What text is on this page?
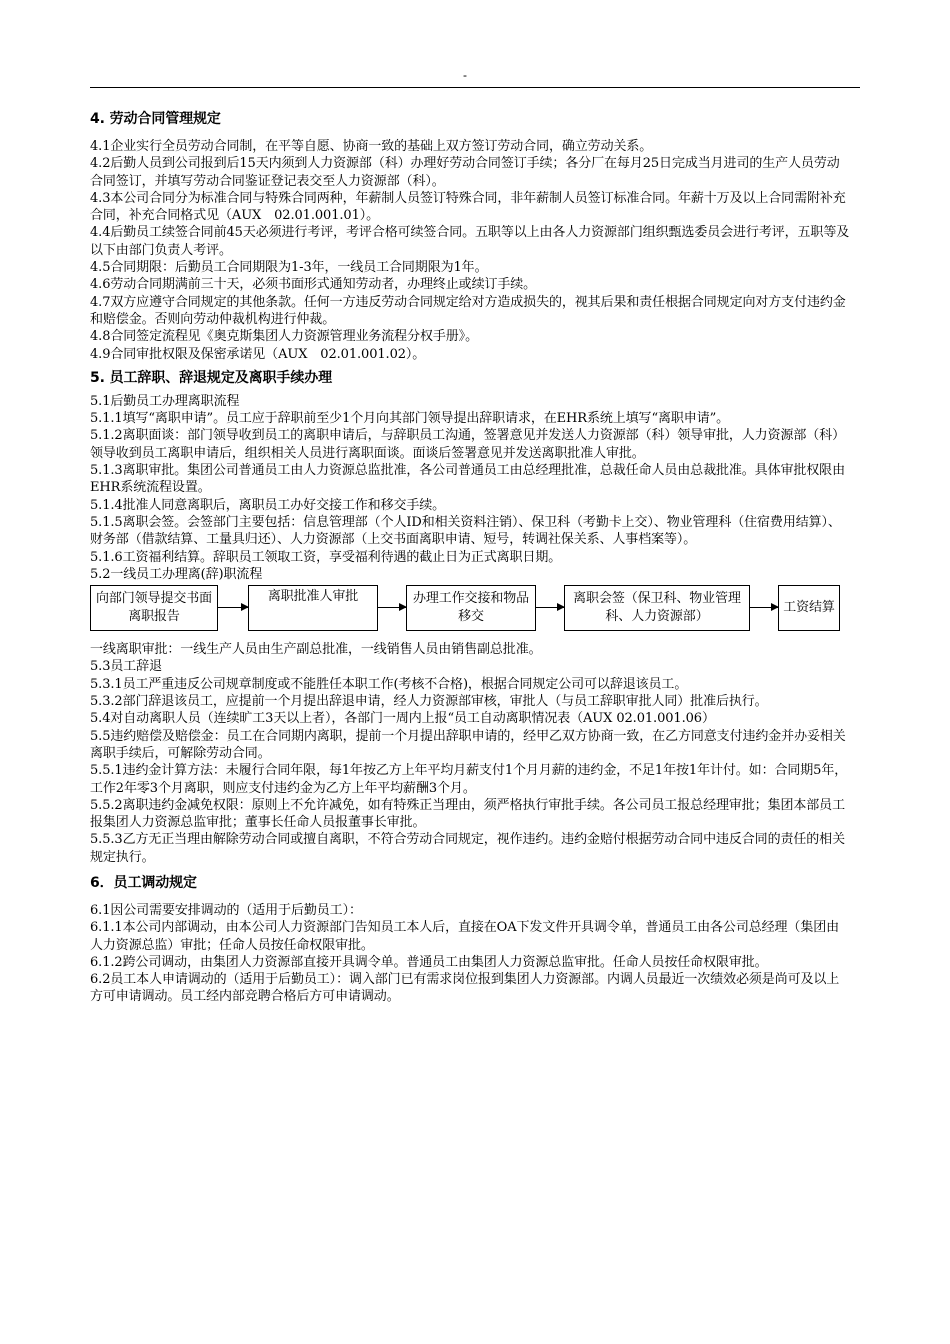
-
4. 劳动合同管理规定

4.1企业实行全员劳动合同制，在平等自愿、协商一致的基础上双方签订劳动合同，确立劳动关系。

4.2后勤人员到公司报到后15天内须到人力资源部（科）办理好劳动合同签订手续；各分厂在每月25日完成当月进司的生产人员劳动合同签订，并填写劳动合同鉴证登记表交至人力资源部（科）。

4.3本公司合同分为标准合同与特殊合同两种，年薪制人员签订特殊合同，非年薪制人员签订标准合同。年薪十万及以上合同需附补充合同，补充合同格式见（AUX　02.01.001.01）。

4.4后勤员工续签合同前45天必须进行考评，考评合格可续签合同。五职等以上由各人力资源部门组织甄选委员会进行考评，五职等及以下由部门负责人考评。

4.5合同期限：后勤员工合同期限为1-3年，一线员工合同期限为1年。

4.6劳动合同期满前三十天，必须书面形式通知劳动者，办理终止或续订手续。

4.7双方应遵守合同规定的其他条款。任何一方违反劳动合同规定给对方造成损失的，视其后果和责任根据合同规定向对方支付违约金和赔偿金。否则向劳动仲裁机构进行仲裁。

4.8合同签定流程见《奥克斯集团人力资源管理业务流程分权手册》。

4.9合同审批权限及保密承诺见（AUX　02.01.001.02）。

5. 员工辞职、辞退规定及离职手续办理

5.1后勤员工办理离职流程

5.1.1填写“离职申请”。员工应于辞职前至少1个月向其部门领导提出辞职请求，在EHR系统上填写“离职申请”。

5.1.2离职面谈：部门领导收到员工的离职申请后，与辞职员工沟通，签署意见并发送人力资源部（科）领导审批，人力资源部（科）领导收到员工离职申请后，组织相关人员进行离职面谈。面谈后签署意见并发送离职批准人审批。

5.1.3离职审批。集团公司普通员工由人力资源总监批准，各公司普通员工由总经理批准，总裁任命人员由总裁批准。具体审批权限由EHR系统流程设置。

5.1.4批准人同意离职后，离职员工办好交接工作和移交手续。

5.1.5离职会签。会签部门主要包括：信息管理部（个人ID和相关资料注销）、保卫科（考勤卡上交）、物业管理科（住宿费用结算）、财务部（借款结算、工量具归还）、人力资源部（上交书面离职申请、短号，转调社保关系、人事档案等）。

5.1.6工资福利结算。辞职员工领取工资，享受福利待遇的截止日为正式离职日期。

5.2一线员工办理离(辞)职流程

向部门领导提交书面离职报告
离职批准人审批	办理工作交接和物品移交
离职会签（保卫科、物业管理科、人力资源部）
工资结算

一线离职审批：一线生产人员由生产副总批准，一线销售人员由销售副总批准。

5.3员工辞退

5.3.1员工严重违反公司规章制度或不能胜任本职工作(考核不合格)，根据合同规定公司可以辞退该员工。

5.3.2部门辞退该员工，应提前一个月提出辞退申请，经人力资源部审核，审批人（与员工辞职审批人同）批准后执行。

5.4对自动离职人员（连续旷工3天以上者），各部门一周内上报“员工自动离职情况表（AUX 02.01.001.06）

5.5违约赔偿及赔偿金：员工在合同期内离职，提前一个月提出辞职申请的，经甲乙双方协商一致，在乙方同意支付违约金并办妥相关离职手续后，可解除劳动合同。

5.5.1违约金计算方法：未履行合同年限，每1年按乙方上年平均月薪支付1个月月薪的违约金，不足1年按1年计付。如：合同期5年，工作2年零3个月离职，则应支付违约金为乙方上年平均薪酬3个月。

5.5.2离职违约金减免权限：原则上不允许减免，如有特殊正当理由，须严格执行审批手续。各公司员工报总经理审批；集团本部员工报集团人力资源总监审批；董事长任命人员报董事长审批。

5.5.3乙方无正当理由解除劳动合同或擅自离职，不符合劳动合同规定，视作违约。违约金赔付根据劳动合同中违反合同的责任的相关规定执行。

6．员工调动规定

6.1因公司需要安排调动的（适用于后勤员工）：

6.1.1本公司内部调动，由本公司人力资源部门告知员工本人后，直接在OA下发文件开具调令单，普通员工由各公司总经理（集团由人力资源总监）审批；任命人员按任命权限审批。

6.1.2跨公司调动，由集团人力资源部直接开具调令单。普通员工由集团人力资源总监审批。任命人员按任命权限审批。

6.2员工本人申请调动的（适用于后勤员工）：调入部门已有需求岗位报到集团人力资源部。内调人员最近一次绩效必须是尚可及以上方可申请调动。员工经内部竞聘合格后方可申请调动。
